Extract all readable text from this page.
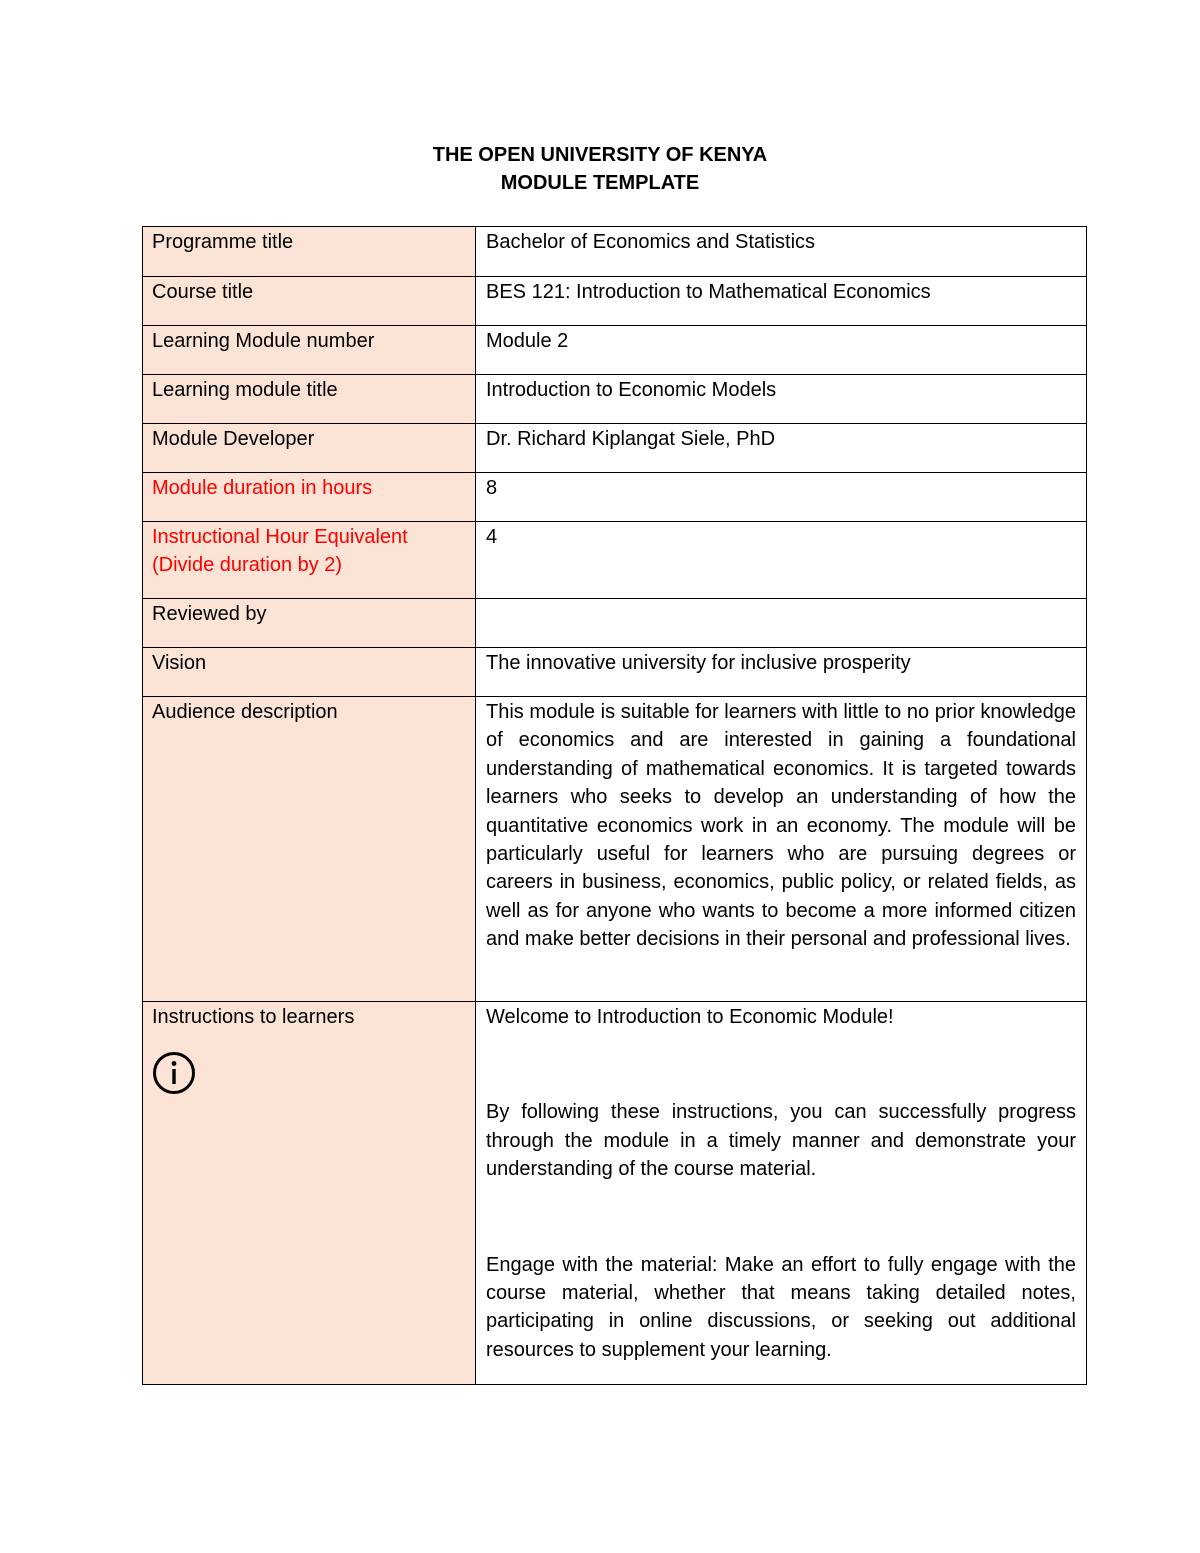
THE OPEN UNIVERSITY OF KENYA
MODULE TEMPLATE
Programme title	Bachelor of Economics and Statistics

Course title	BES 121: Introduction to Mathematical Economics

Learning Module number	Module 2

Learning module title	Introduction to Economic Models

Module Developer	Dr. Richard Kiplangat Siele, PhD

Module duration in hours	8

Instructional Hour Equivalent (Divide duration by 2)	4

Reviewed by	

Vision	The innovative university for inclusive prosperity

Audience description	This module is suitable for learners with little to no prior knowledge of economics and are interested in gaining a foundational understanding of mathematical economics. It is targeted towards learners who seeks to develop an understanding of how the quantitative economics work in an economy. The module will be particularly useful for learners who are pursuing degrees or careers in business, economics, public policy, or related fields, as well as for anyone who wants to become a more informed citizen and make better decisions in their personal and professional lives.

Instructions to learners	Welcome to Introduction to Economic Module!
By following these instructions, you can successfully progress through the module in a timely manner and demonstrate your understanding of the course material.
Engage with the material: Make an effort to fully engage with the course material, whether that means taking detailed notes, participating in online discussions, or seeking out additional resources to supplement your learning.
